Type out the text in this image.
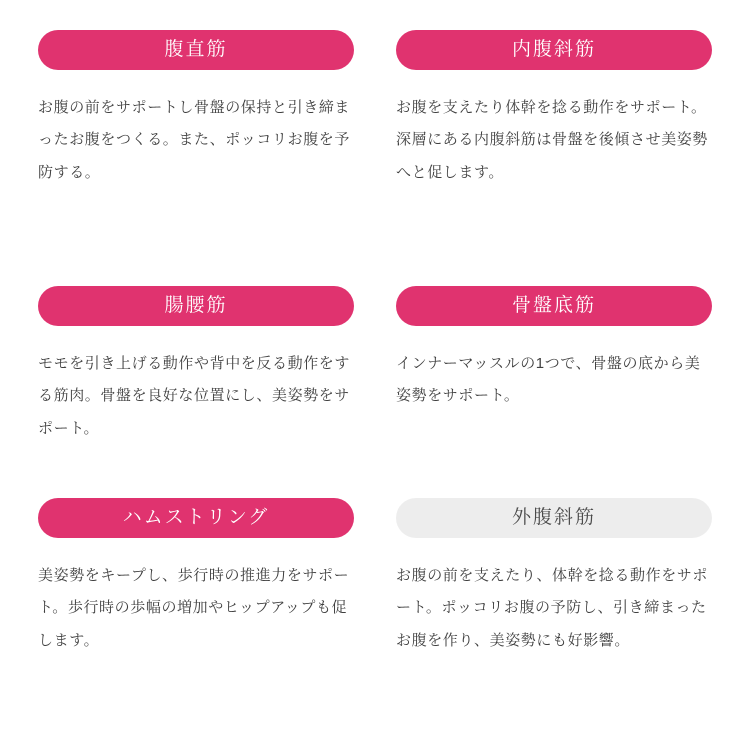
腹直筋

お腹の前をサポートし骨盤の保持と引き締まったお腹をつくる。また、ポッコリお腹を予防する。

内腹斜筋

お腹を支えたり体幹を捻る動作をサポート。深層にある内腹斜筋は骨盤を後傾させ美姿勢へと促します。

腸腰筋

モモを引き上げる動作や背中を反る動作をする筋肉。骨盤を良好な位置にし、美姿勢をサポート。

骨盤底筋

インナーマッスルの1つで、骨盤の底から美姿勢をサポート。

ハムストリング

美姿勢をキープし、歩行時の推進力をサポート。歩行時の歩幅の増加やヒップアップも促します。

外腹斜筋

お腹の前を支えたり、体幹を捻る動作をサポート。ポッコリお腹の予防し、引き締まったお腹を作り、美姿勢にも好影響。
